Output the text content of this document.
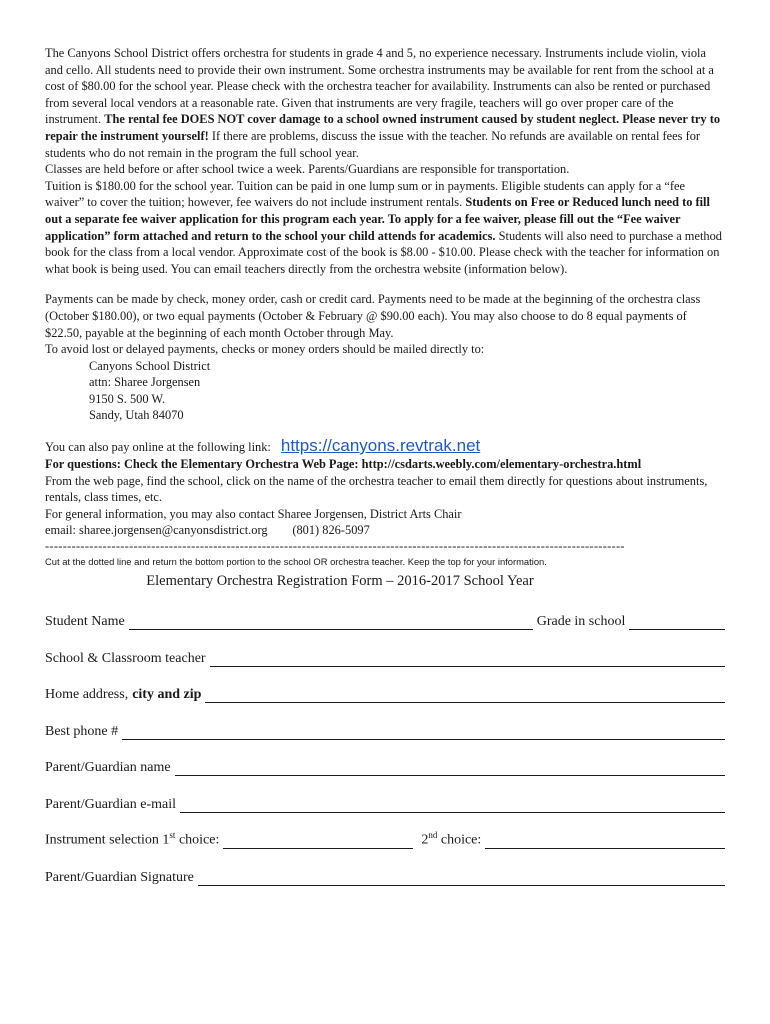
The Canyons School District offers orchestra for students in grade 4 and 5, no experience necessary. Instruments include violin, viola and cello. All students need to provide their own instrument. Some orchestra instruments may be available for rent from the school at a cost of $80.00 for the school year. Please check with the orchestra teacher for availability. Instruments can also be rented or purchased from several local vendors at a reasonable rate. Given that instruments are very fragile, teachers will go over proper care of the instrument. The rental fee DOES NOT cover damage to a school owned instrument caused by student neglect. Please never try to repair the instrument yourself! If there are problems, discuss the issue with the teacher. No refunds are available on rental fees for students who do not remain in the program the full school year.

Classes are held before or after school twice a week. Parents/Guardians are responsible for transportation.

Tuition is $180.00 for the school year. Tuition can be paid in one lump sum or in payments. Eligible students can apply for a “fee waiver” to cover the tuition; however, fee waivers do not include instrument rentals. Students on Free or Reduced lunch need to fill out a separate fee waiver application for this program each year. To apply for a fee waiver, please fill out the “Fee waiver application” form attached and return to the school your child attends for academics. Students will also need to purchase a method book for the class from a local vendor. Approximate cost of the book is $8.00 - $10.00. Please check with the teacher for information on what book is being used. You can email teachers directly from the orchestra website (information below).

Payments can be made by check, money order, cash or credit card. Payments need to be made at the beginning of the orchestra class (October $180.00), or two equal payments (October & February @ $90.00 each). You may also choose to do 8 equal payments of $22.50, payable at the beginning of each month October through May.

To avoid lost or delayed payments, checks or money orders should be mailed directly to:

Canyons School District

attn: Sharee Jorgensen

9150 S. 500 W.

Sandy, Utah 84070

You can also pay online at the following link: https://canyons.revtrak.net

For questions: Check the Elementary Orchestra Web Page: http://csdarts.weebly.com/elementary-orchestra.html

From the web page, find the school, click on the name of the orchestra teacher to email them directly for questions about instruments, rentals, class times, etc.

For general information, you may also contact Sharee Jorgensen, District Arts Chair

email: sharee.jorgensen@canyonsdistrict.org        (801) 826-5097

-----------------------------------------------------------------------------------------------------------------------------------
Cut at the dotted line and return the bottom portion to the school OR orchestra teacher. Keep the top for your information.
Elementary Orchestra Registration Form – 2016-2017 School Year
Student Name	Grade in school
School & Classroom teacher
Home address, city and zip
Best phone #
Parent/Guardian name
Parent/Guardian e-mail
Instrument selection 1st choice:	2nd choice:
Parent/Guardian Signature
